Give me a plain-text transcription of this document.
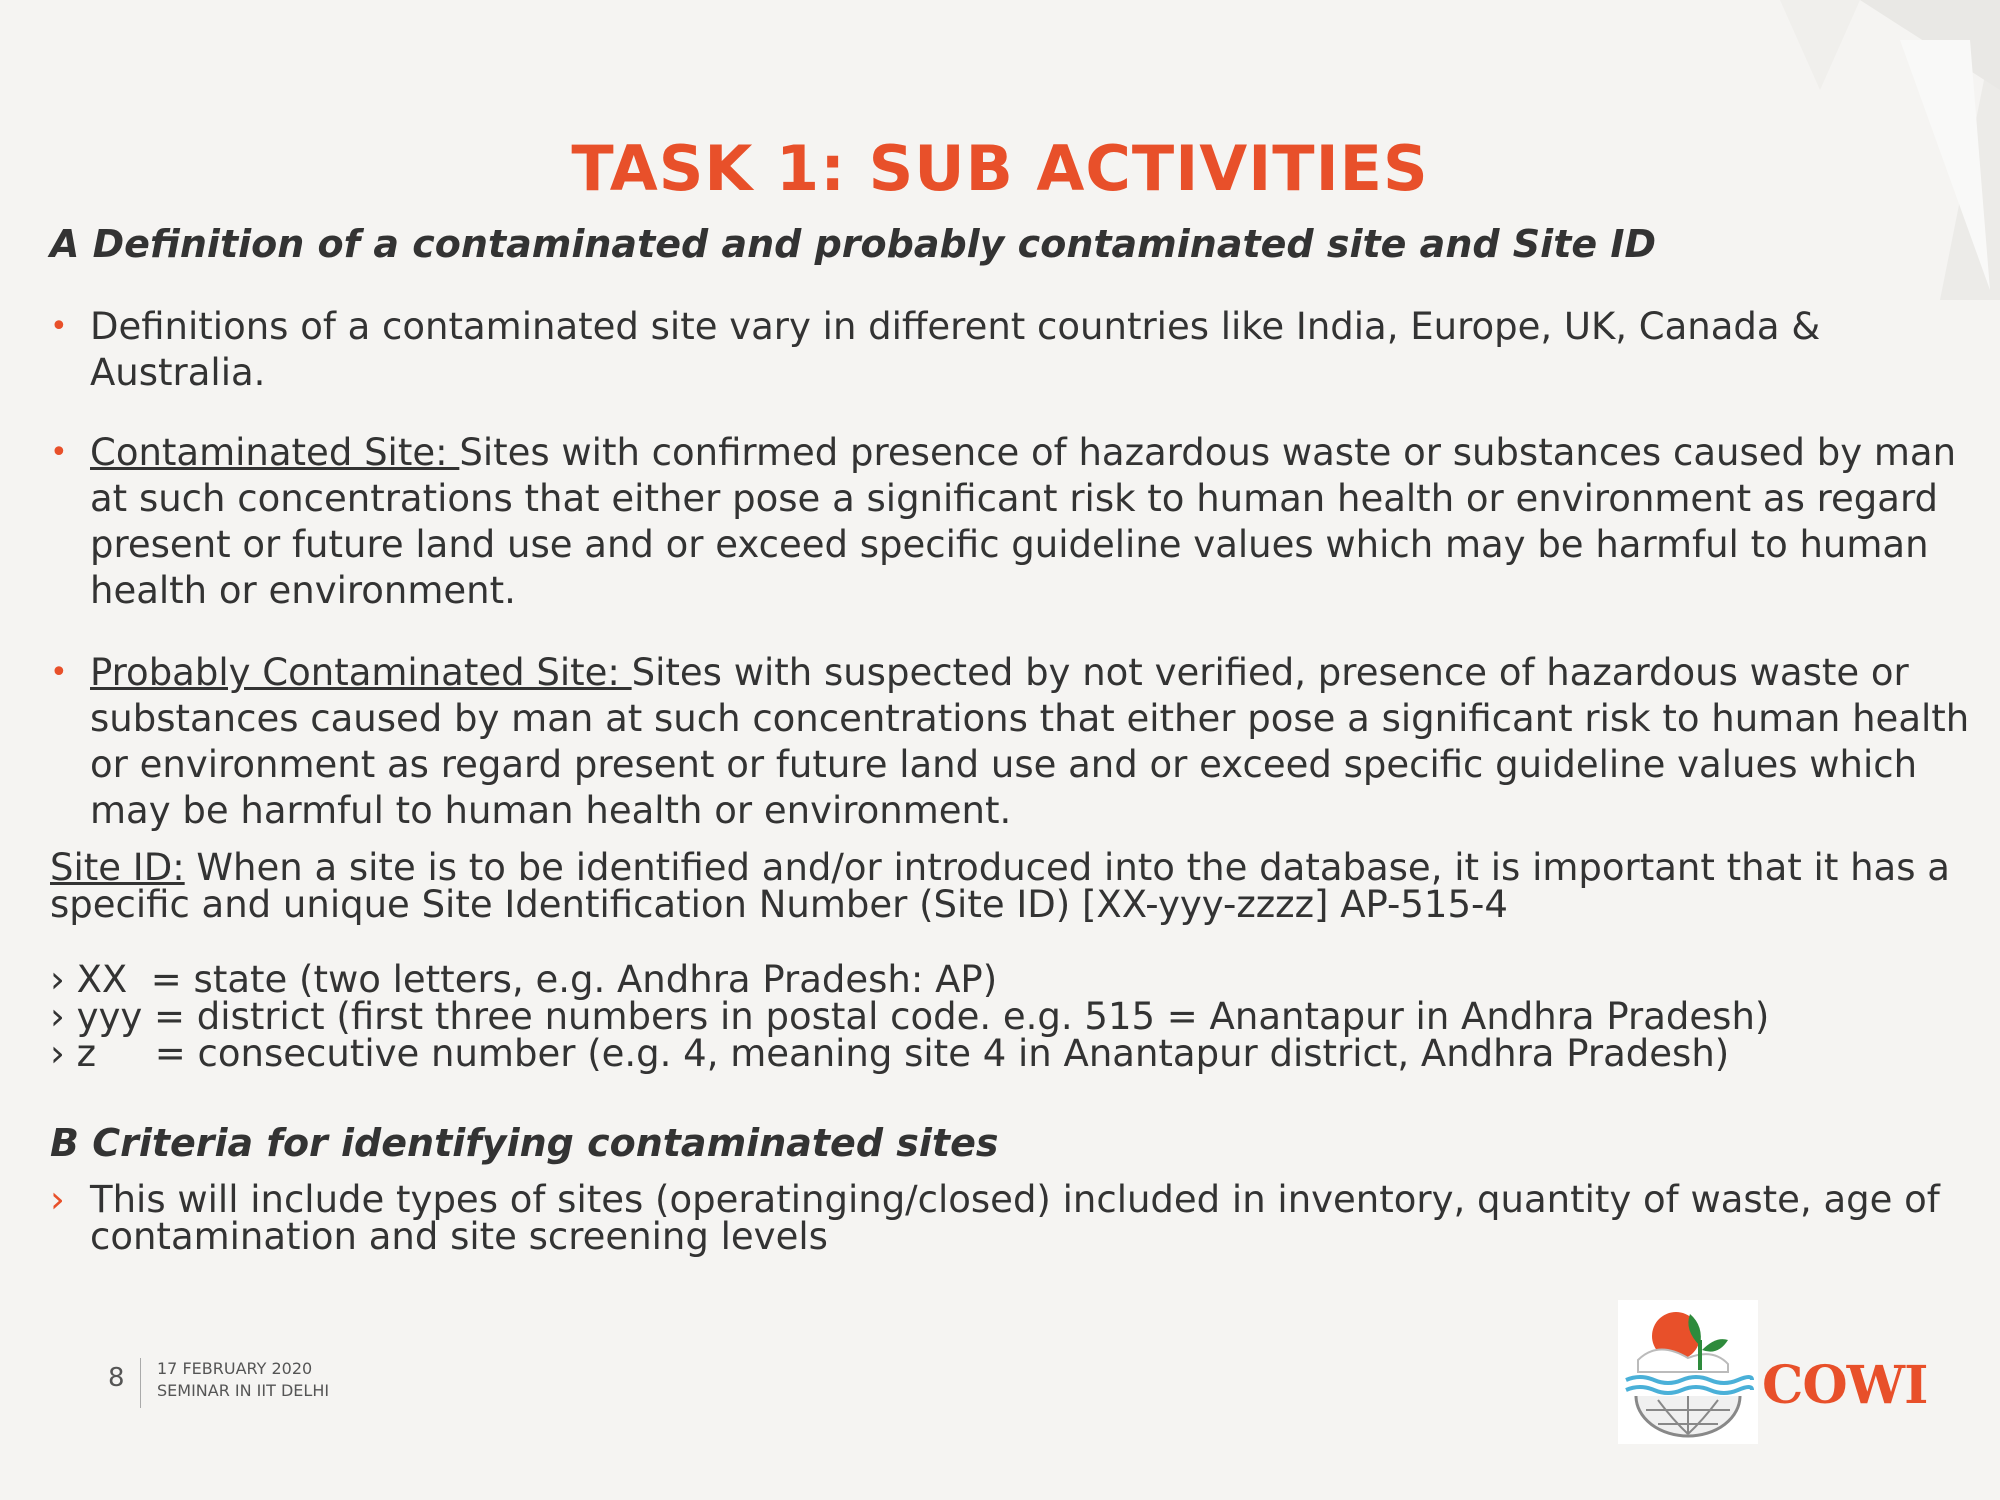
TASK 1: SUB ACTIVITIES
A Definition of a contaminated and probably contaminated site and Site ID
• Definitions of a contaminated site vary in different countries like India, Europe, UK, Canada & Australia.
• Contaminated Site: Sites with confirmed presence of hazardous waste or substances caused by man at such concentrations that either pose a significant risk to human health or environment as regard present or future land use and or exceed specific guideline values which may be harmful to human health or environment.
• Probably Contaminated Site: Sites with suspected by not verified, presence of hazardous waste or substances caused by man at such concentrations that either pose a significant risk to human health or environment as regard present or future land use and or exceed specific guideline values which may be harmful to human health or environment.
Site ID: When a site is to be identified and/or introduced into the database, it is important that it has a specific and unique Site Identification Number (Site ID) [XX-yyy-zzzz] AP-515-4
› XX  = state (two letters, e.g. Andhra Pradesh: AP)
› yyy = district (first three numbers in postal code. e.g. 515 = Anantapur in Andhra Pradesh)
› z     = consecutive number (e.g. 4, meaning site 4 in Anantapur district, Andhra Pradesh)
B Criteria for identifying contaminated sites
› This will include types of sites (operatinging/closed) included in inventory, quantity of waste, age of contamination and site screening levels
8 17 FEBRUARY 2020
SEMINAR IN IIT DELHI	COWI
